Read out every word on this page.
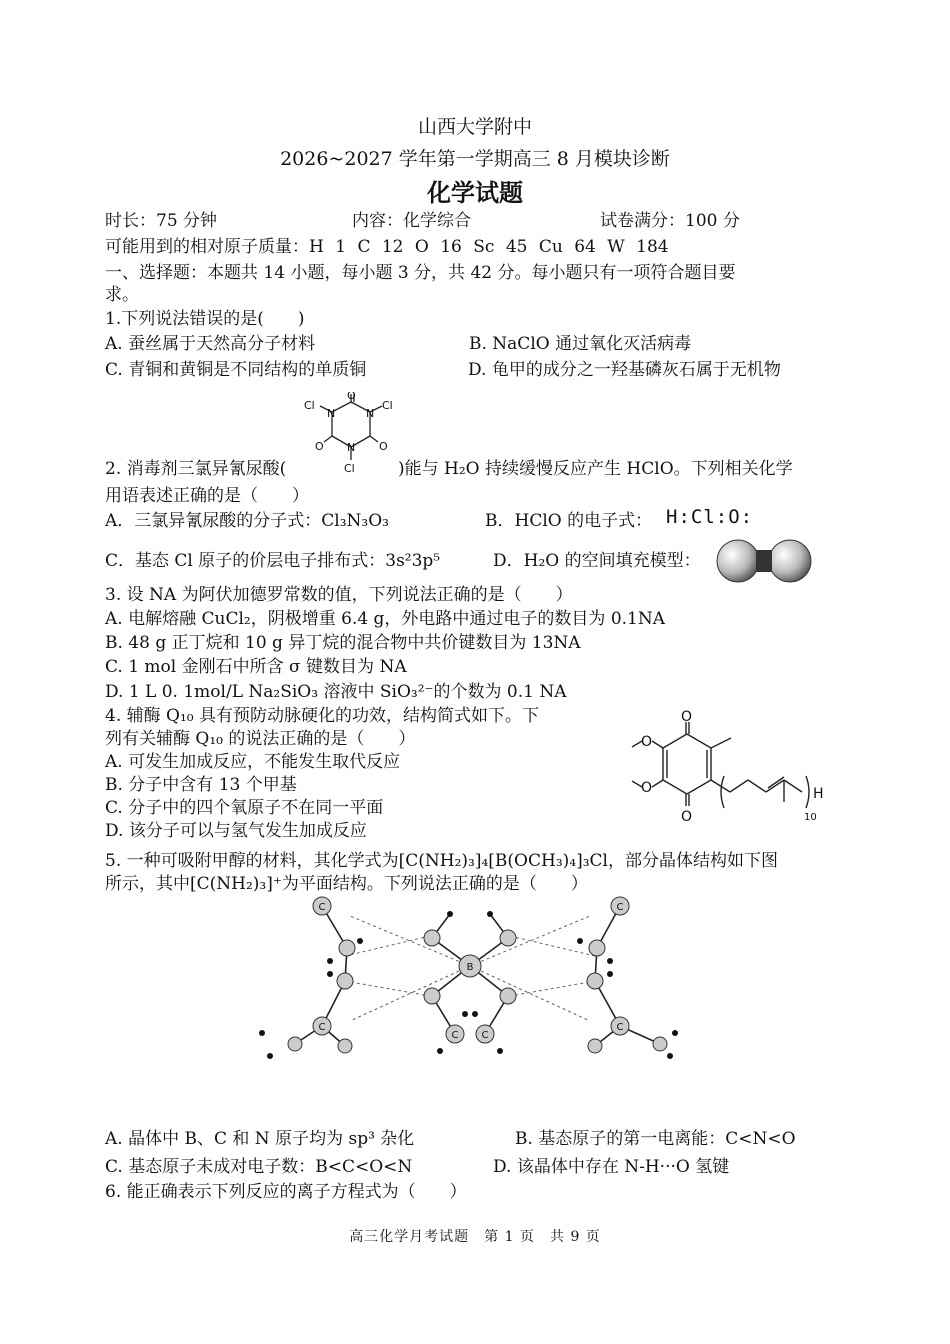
山西大学附中
2026~2027 学年第一学期高三 8 月模块诊断
化学试题
时长：75 分钟	内容：化学综合	试卷满分：100 分
可能用到的相对原子质量：H 1 C 12 O 16 Sc 45 Cu 64 W 184
一、选择题：本题共 14 小题，每小题 3 分，共 42 分。每小题只有一项符合题目要
求。
1.下列说法错误的是(　　)
A. 蚕丝属于天然高分子材料	B. NaClO 通过氧化灭活病毒
C. 青铜和黄铜是不同结构的单质铜	D. 龟甲的成分之一羟基磷灰石属于无机物
O
O
O
N	N
N
Cl	Cl
Cl
2. 消毒剂三氯异氰尿酸(	)能与 H₂O 持续缓慢反应产生 HClO。下列相关化学
用语表述正确的是（　　）
A．三氯异氰尿酸的分子式：Cl₃N₃O₃	B．HClO 的电子式： H:Cl:O:
C．基态 Cl 原子的价层电子排布式：3s²3p⁵	D．H₂O 的空间填充模型：
3. 设 NA 为阿伏加德罗常数的值，下列说法正确的是（　　）
A. 电解熔融 CuCl₂，阴极增重 6.4 g，外电路中通过电子的数目为 0.1NA
B. 48 g 正丁烷和 10 g 异丁烷的混合物中共价键数目为 13NA
C. 1 mol 金刚石中所含 σ 键数目为 NA
D. 1 L 0. 1mol/L Na₂SiO₃ 溶液中 SiO₃²⁻的个数为 0.1 NA
4. 辅酶 Q₁₀ 具有预防动脉硬化的功效，结构简式如下。下
列有关辅酶 Q₁₀ 的说法正确的是（　　）
A. 可发生加成反应，不能发生取代反应
B. 分子中含有 13 个甲基
C. 分子中的四个氧原子不在同一平面
D. 该分子可以与氢气发生加成反应
O
O
O
O	H
10
5. 一种可吸附甲醇的材料，其化学式为[C(NH₂)₃]₄[B(OCH₃)₄]₃Cl，部分晶体结构如下图
所示，其中[C(NH₂)₃]⁺为平面结构。下列说法正确的是（　　）
B
C	C
C	C
C C
A. 晶体中 B、C 和 N 原子均为 sp³ 杂化	B. 基态原子的第一电离能：C<N<O
C. 基态原子未成对电子数：B<C<O<N	D. 该晶体中存在 N-H···O 氢键
6. 能正确表示下列反应的离子方程式为（　　）
高三化学月考试题　第 1 页　共 9 页
